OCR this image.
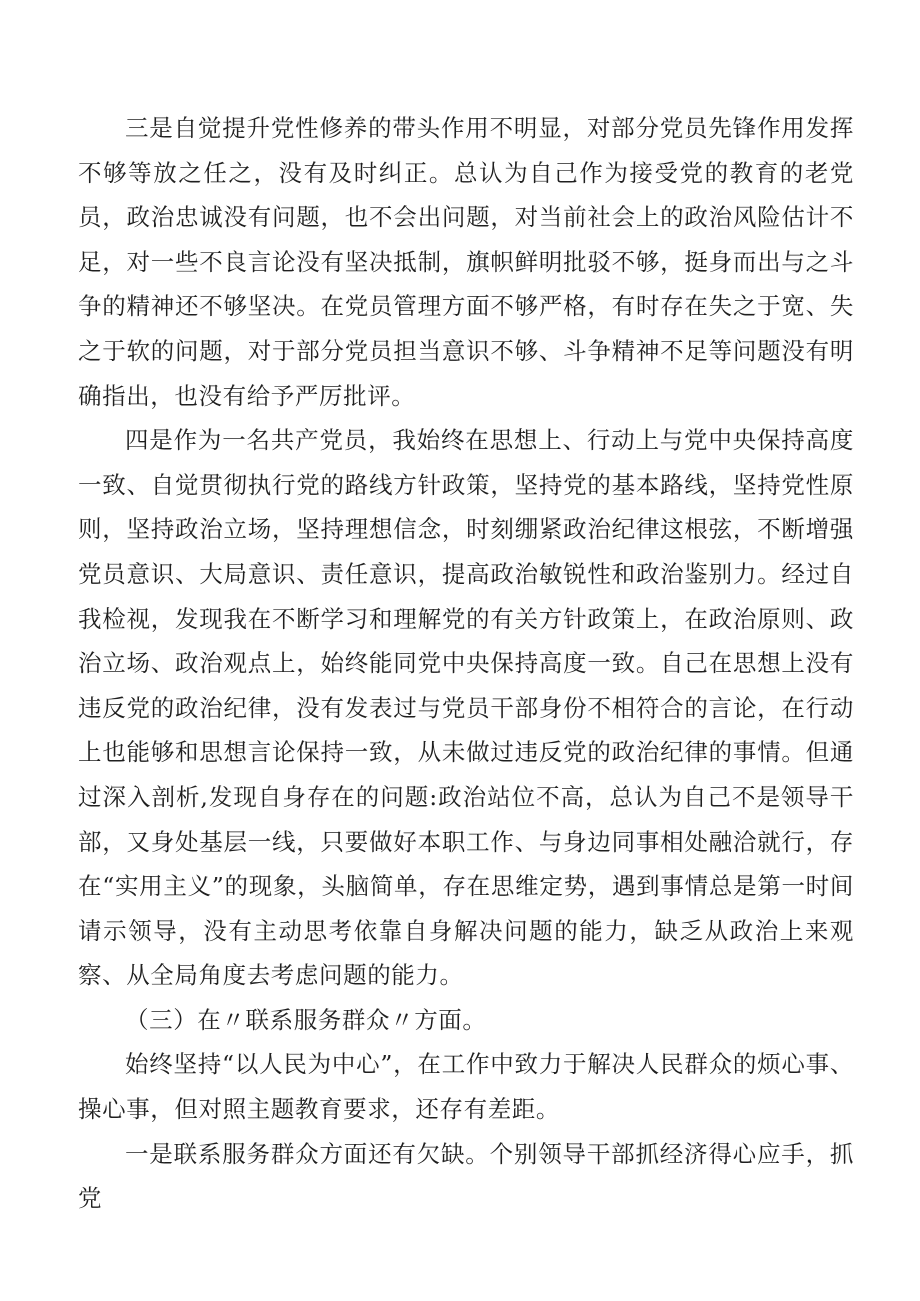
三是自觉提升党性修养的带头作用不明显，对部分党员先锋作用发挥不够等放之任之，没有及时纠正。总认为自己作为接受党的教育的老党员，政治忠诚没有问题，也不会出问题，对当前社会上的政治风险估计不足，对一些不良言论没有坚决抵制，旗帜鲜明批驳不够，挺身而出与之斗争的精神还不够坚决。在党员管理方面不够严格，有时存在失之于宽、失之于软的问题，对于部分党员担当意识不够、斗争精神不足等问题没有明确指出，也没有给予严厉批评。

四是作为一名共产党员，我始终在思想上、行动上与党中央保持高度一致、自觉贯彻执行党的路线方针政策，坚持党的基本路线，坚持党性原则，坚持政治立场，坚持理想信念，时刻绷紧政治纪律这根弦，不断增强党员意识、大局意识、责任意识，提高政治敏锐性和政治鉴别力。经过自我检视，发现我在不断学习和理解党的有关方针政策上，在政治原则、政治立场、政治观点上，始终能同党中央保持高度一致。自己在思想上没有违反党的政治纪律，没有发表过与党员干部身份不相符合的言论，在行动上也能够和思想言论保持一致，从未做过违反党的政治纪律的事情。但通过深入剖析,发现自身存在的问题:政治站位不高，总认为自己不是领导干部，又身处基层一线，只要做好本职工作、与身边同事相处融洽就行，存在“实用主义”的现象，头脑简单，存在思维定势，遇到事情总是第一时间请示领导，没有主动思考依靠自身解决问题的能力，缺乏从政治上来观察、从全局角度去考虑问题的能力。

（三）在〃联系服务群众〃方面。

始终坚持“以人民为中心”，在工作中致力于解决人民群众的烦心事、操心事，但对照主题教育要求，还存有差距。

一是联系服务群众方面还有欠缺。个别领导干部抓经济得心应手，抓党
